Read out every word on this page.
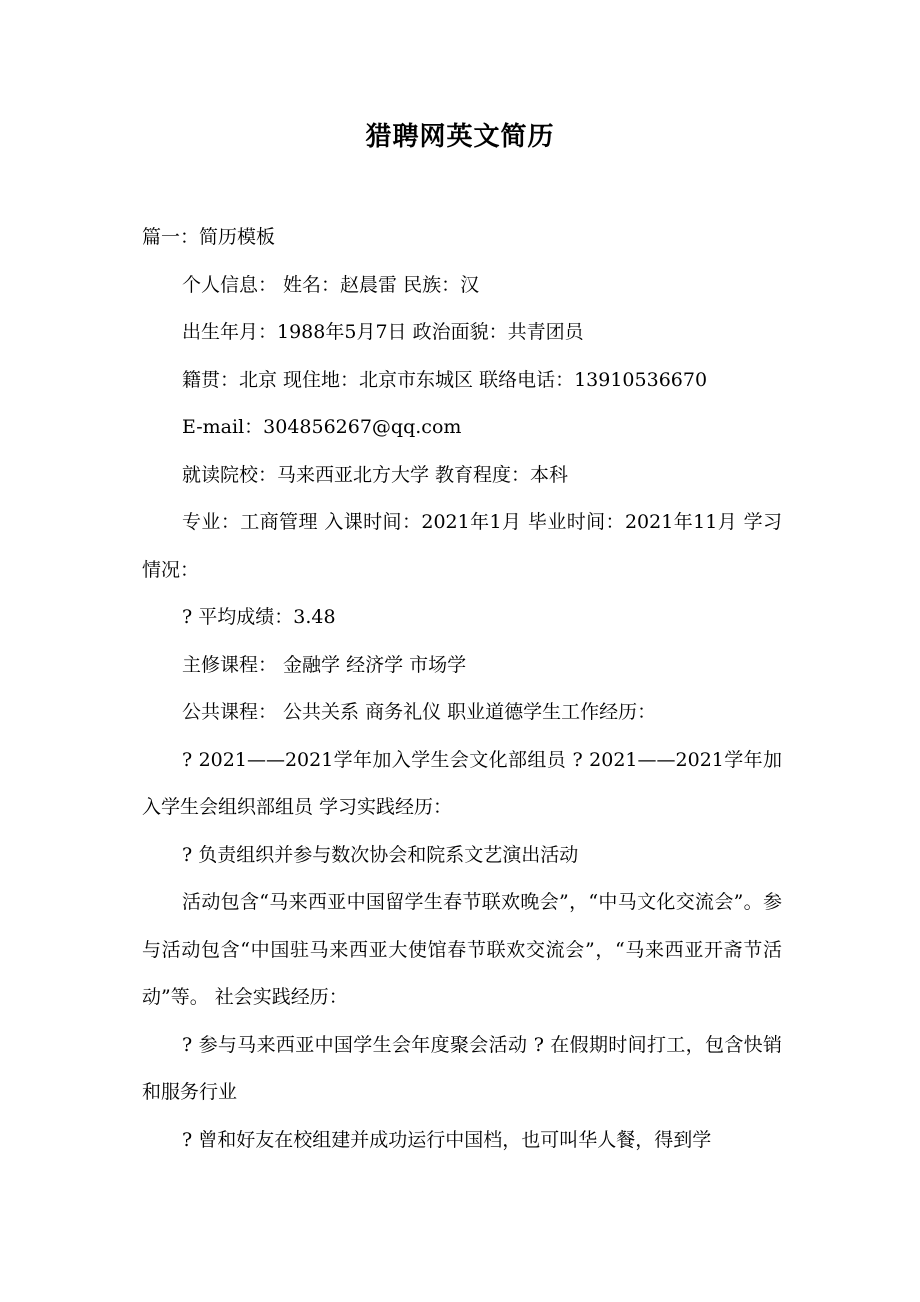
猎聘网英文简历

篇一：简历模板

个人信息： 姓名：赵晨雷 民族：汉

出生年月：1988年5月7日 政治面貌：共青团员

籍贯：北京 现住地：北京市东城区 联络电话：13910536670

E-mail：304856267@qq.com

就读院校：马来西亚北方大学 教育程度：本科

专业：工商管理 入课时间：2021年1月 毕业时间：2021年11月 学习情况：

? 平均成绩：3.48

主修课程： 金融学 经济学 市场学

公共课程： 公共关系 商务礼仪 职业道德学生工作经历：

? 2021——2021学年加入学生会文化部组员 ? 2021——2021学年加入学生会组织部组员 学习实践经历：

? 负责组织并参与数次协会和院系文艺演出活动

活动包含“马来西亚中国留学生春节联欢晚会”，“中马文化交流会”。参与活动包含“中国驻马来西亚大使馆春节联欢交流会”，“马来西亚开斋节活动”等。 社会实践经历：

? 参与马来西亚中国学生会年度聚会活动 ? 在假期时间打工，包含快销和服务行业

? 曾和好友在校组建并成功运行中国档，也可叫华人餐，得到学
